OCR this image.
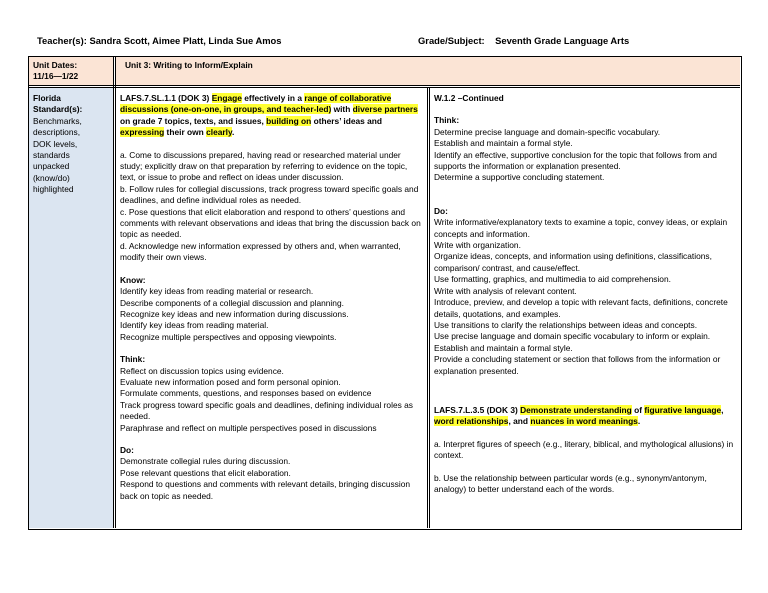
Teacher(s): Sandra Scott, Aimee Platt, Linda Sue Amos	Grade/Subject: Seventh Grade Language Arts

Unit Dates:

11/16—1/22

Unit 3: Writing to Inform/Explain

Florida

Standard(s):

Benchmarks,

descriptions,

DOK levels,

standards

unpacked

(know/do)

highlighted

LAFS.7.SL.1.1 (DOK 3) Engage effectively in a range of collaborative discussions (one-on-one, in groups, and teacher-led) with diverse partners on grade 7 topics, texts, and issues, building on others’ ideas and expressing their own clearly.

a. Come to discussions prepared, having read or researched material under study; explicitly draw on that preparation by referring to evidence on the topic, text, or issue to probe and reflect on ideas under discussion.

b. Follow rules for collegial discussions, track progress toward specific goals and deadlines, and define individual roles as needed.

c. Pose questions that elicit elaboration and respond to others’ questions and comments with relevant observations and ideas that bring the discussion back on topic as needed.

d. Acknowledge new information expressed by others and, when warranted, modify their own views.

Know:

Identify key ideas from reading material or research.

Describe components of a collegial discussion and planning.

Recognize key ideas and new information during discussions.

Identify key ideas from reading material.

Recognize multiple perspectives and opposing viewpoints.

Think:

Reflect on discussion topics using evidence.

Evaluate new information posed and form personal opinion.

Formulate comments, questions, and responses based on evidence

Track progress toward specific goals and deadlines, defining individual roles as needed.

Paraphrase and reflect on multiple perspectives posed in discussions

Do:

Demonstrate collegial rules during discussion.

Pose relevant questions that elicit elaboration.

Respond to questions and comments with relevant details, bringing discussion back on topic as needed.

W.1.2 –Continued

Think:

Determine precise language and domain-specific vocabulary.

Establish and maintain a formal style.

Identify an effective, supportive conclusion for the topic that follows from and supports the information or explanation presented.

Determine a supportive concluding statement.

Do:

Write informative/explanatory texts to examine a topic, convey ideas, or explain concepts and information.

Write with organization.

Organize ideas, concepts, and information using definitions, classifications, comparison/ contrast, and cause/effect.

Use formatting, graphics, and multimedia to aid comprehension.

Write with analysis of relevant content.

Introduce, preview, and develop a topic with relevant facts, definitions, concrete details, quotations, and examples.

Use transitions to clarify the relationships between ideas and concepts.

Use precise language and domain specific vocabulary to inform or explain.

Establish and maintain a formal style.

Provide a concluding statement or section that follows from the information or explanation presented.

LAFS.7.L.3.5 (DOK 3) Demonstrate understanding of figurative language, word relationships, and nuances in word meanings.

a. Interpret figures of speech (e.g., literary, biblical, and mythological allusions) in context.

b. Use the relationship between particular words (e.g., synonym/antonym, analogy) to better understand each of the words.
